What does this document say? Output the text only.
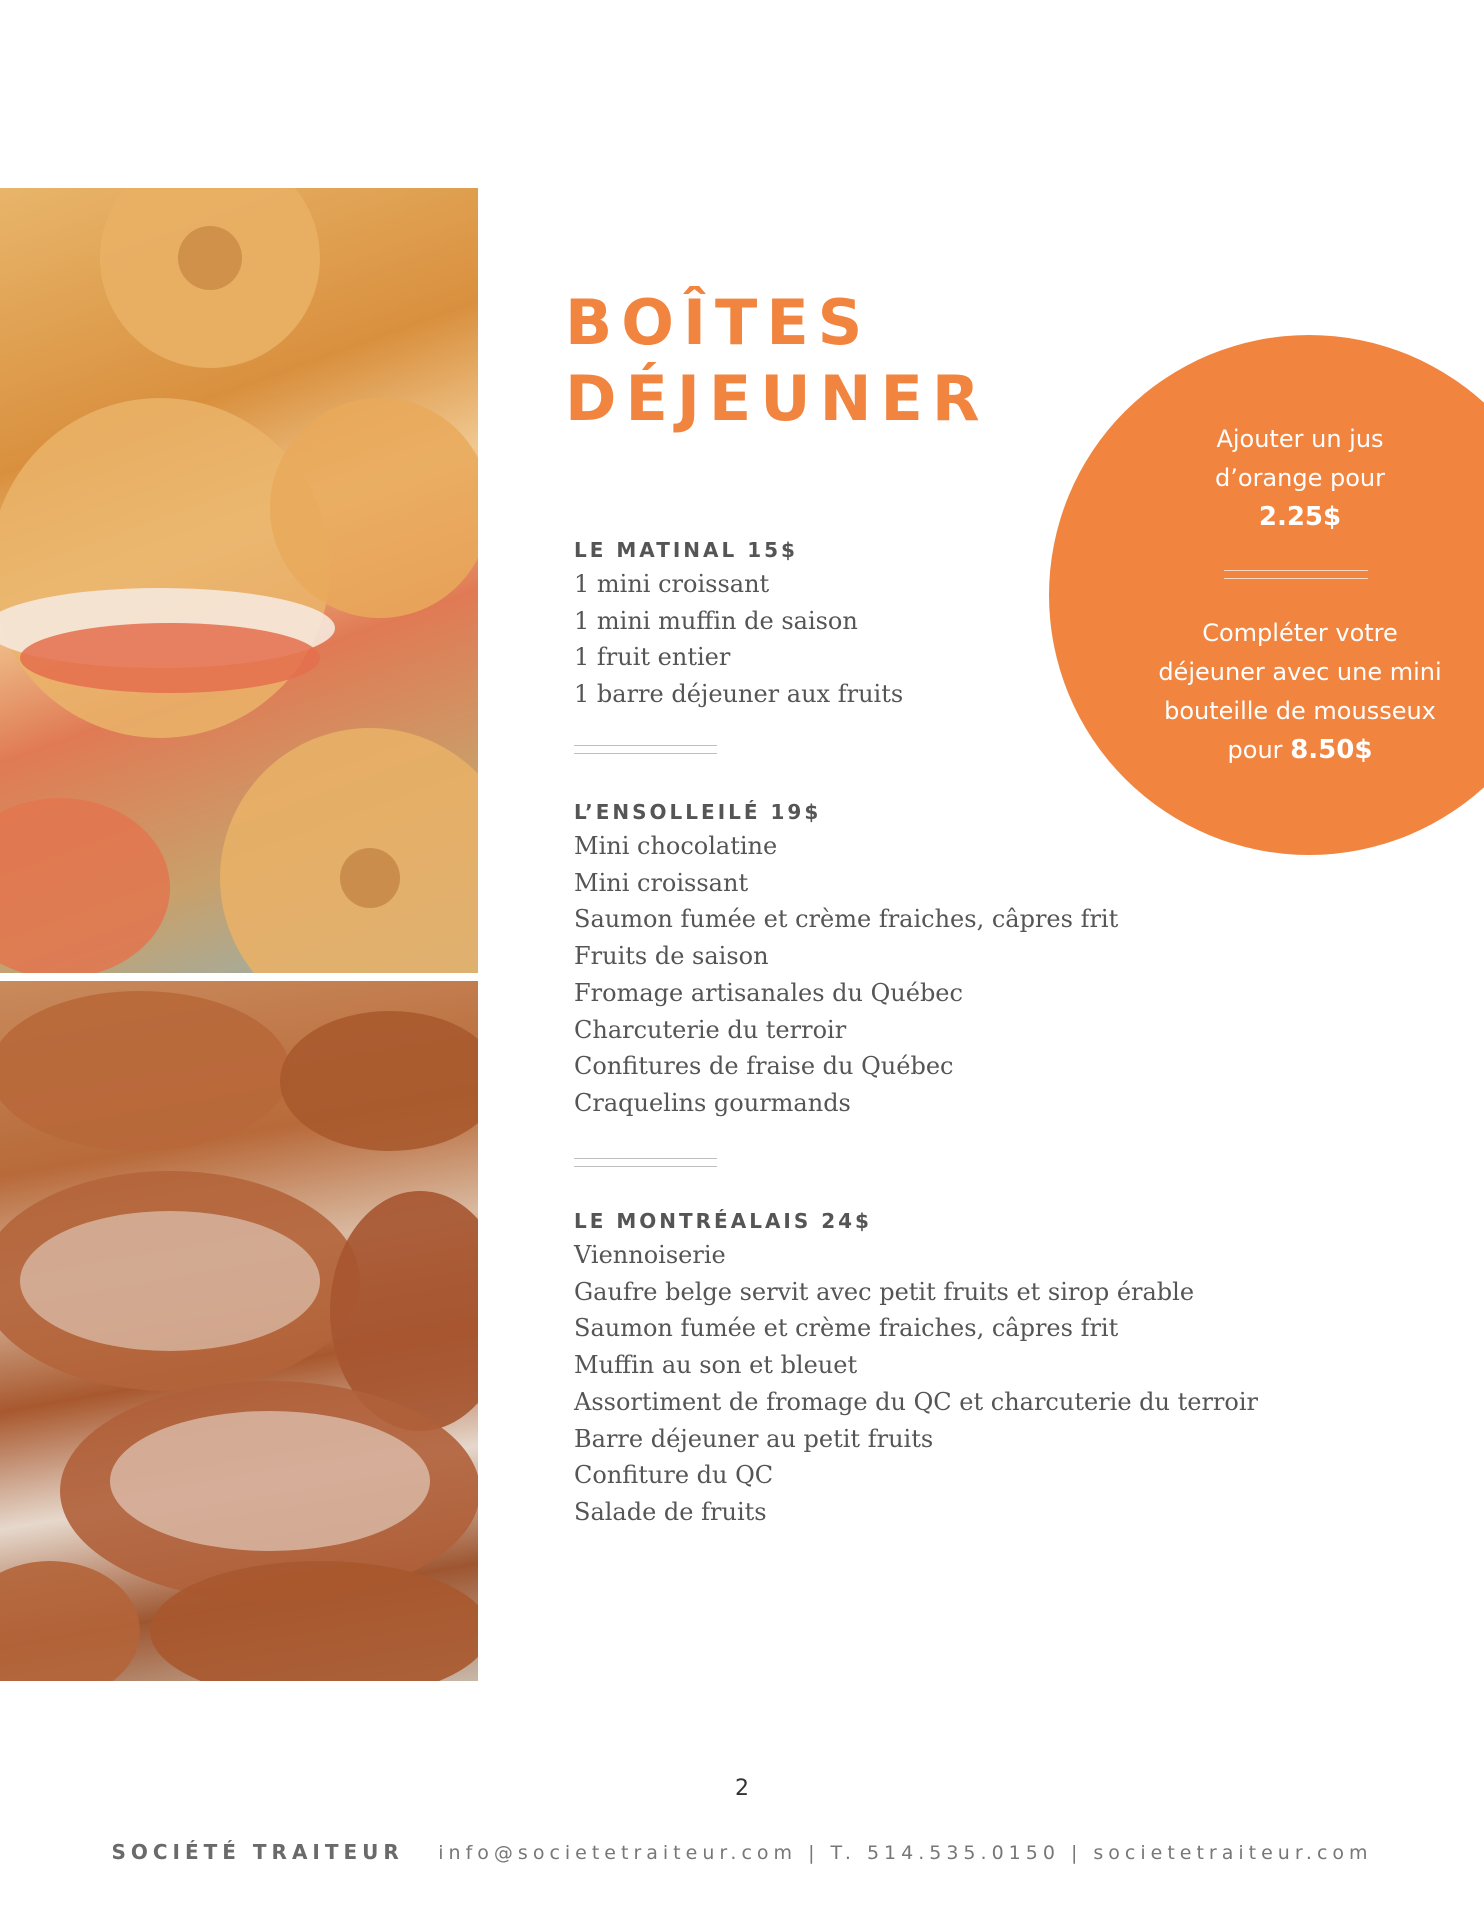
BOÎTES
DÉJEUNER
LE MATINAL 15$
1 mini croissant
1 mini muffin de saison
1 fruit entier
1 barre déjeuner aux fruits
L’ENSOLLEILÉ 19$
Mini chocolatine
Mini croissant
Saumon fumée et crème fraiches, câpres frit
Fruits de saison
Fromage artisanales du Québec
Charcuterie du terroir
Confitures de fraise du Québec
Craquelins gourmands
LE MONTRÉALAIS 24$
Viennoiserie
Gaufre belge servit avec petit fruits et sirop érable
Saumon fumée et crème fraiches, câpres frit
Muffin au son et bleuet
Assortiment de fromage du QC et charcuterie du terroir
Barre déjeuner au petit fruits
Confiture du QC
Salade de fruits
Ajouter un jus
d’orange pour
2.25$
Compléter votre
déjeuner avec une mini
bouteille de mousseux
pour 8.50$
2
SOCIÉTÉ TRAITEUR info@societetraiteur.com | T. 514.535.0150 | societetraiteur.com
